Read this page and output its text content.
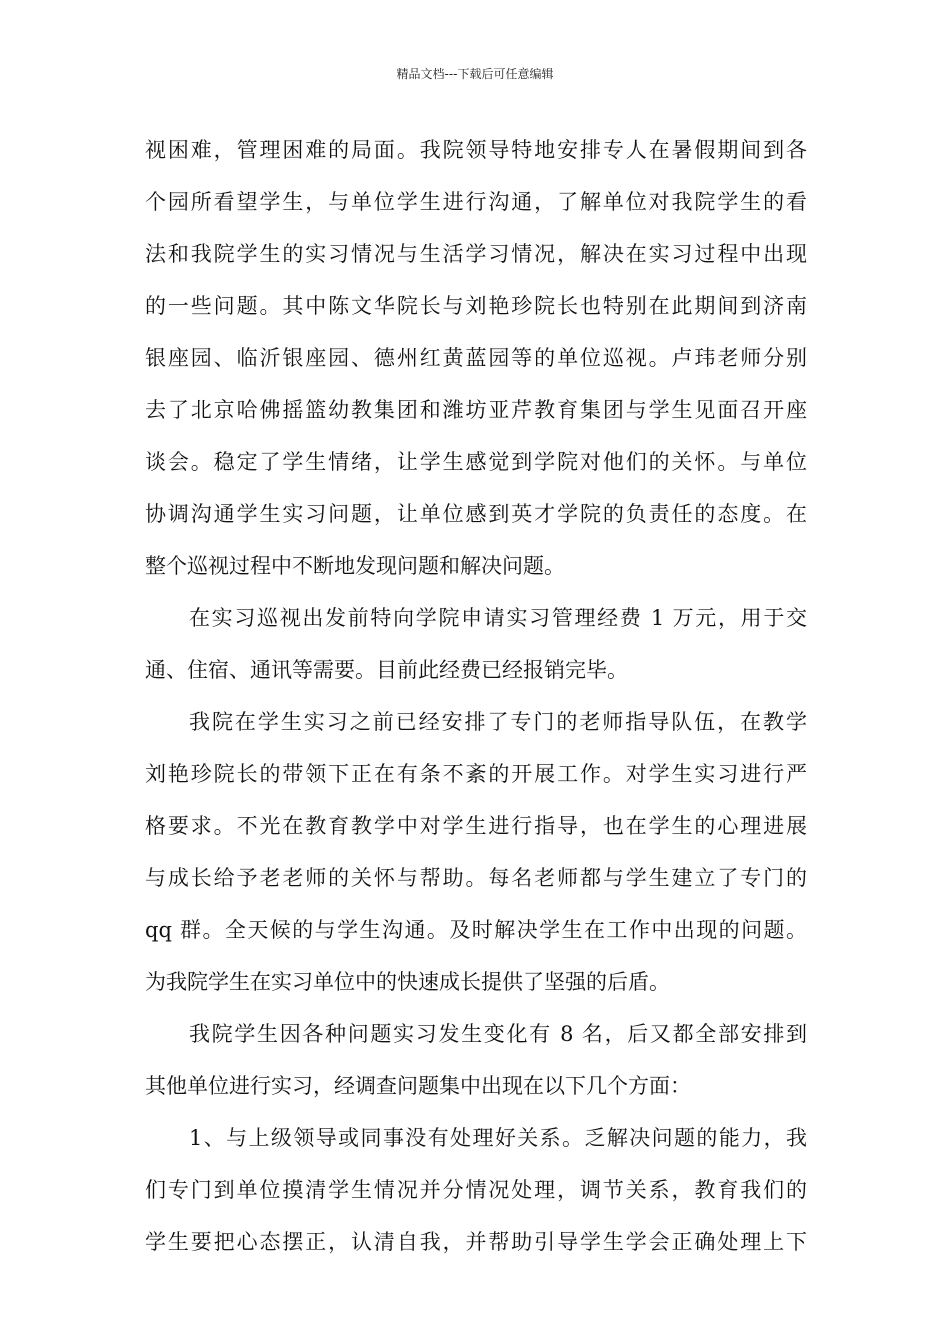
精品文档---下载后可任意编辑
视困难，管理困难的局面。我院领导特地安排专人在暑假期间到各
个园所看望学生，与单位学生进行沟通，了解单位对我院学生的看
法和我院学生的实习情况与生活学习情况，解决在实习过程中出现
的一些问题。其中陈文华院长与刘艳珍院长也特别在此期间到济南
银座园、临沂银座园、德州红黄蓝园等的单位巡视。卢玮老师分别
去了北京哈佛摇篮幼教集团和潍坊亚芹教育集团与学生见面召开座
谈会。稳定了学生情绪，让学生感觉到学院对他们的关怀。与单位
协调沟通学生实习问题，让单位感到英才学院的负责任的态度。在
整个巡视过程中不断地发现问题和解决问题。
在实习巡视出发前特向学院申请实习管理经费 1 万元，用于交
通、住宿、通讯等需要。目前此经费已经报销完毕。
我院在学生实习之前已经安排了专门的老师指导队伍，在教学
刘艳珍院长的带领下正在有条不紊的开展工作。对学生实习进行严
格要求。不光在教育教学中对学生进行指导，也在学生的心理进展
与成长给予老老师的关怀与帮助。每名老师都与学生建立了专门的
qq 群。全天候的与学生沟通。及时解决学生在工作中出现的问题。
为我院学生在实习单位中的快速成长提供了坚强的后盾。
我院学生因各种问题实习发生变化有 8 名，后又都全部安排到
其他单位进行实习，经调查问题集中出现在以下几个方面：
1、与上级领导或同事没有处理好关系。乏解决问题的能力，我
们专门到单位摸清学生情况并分情况处理，调节关系，教育我们的
学生要把心态摆正，认清自我，并帮助引导学生学会正确处理上下
